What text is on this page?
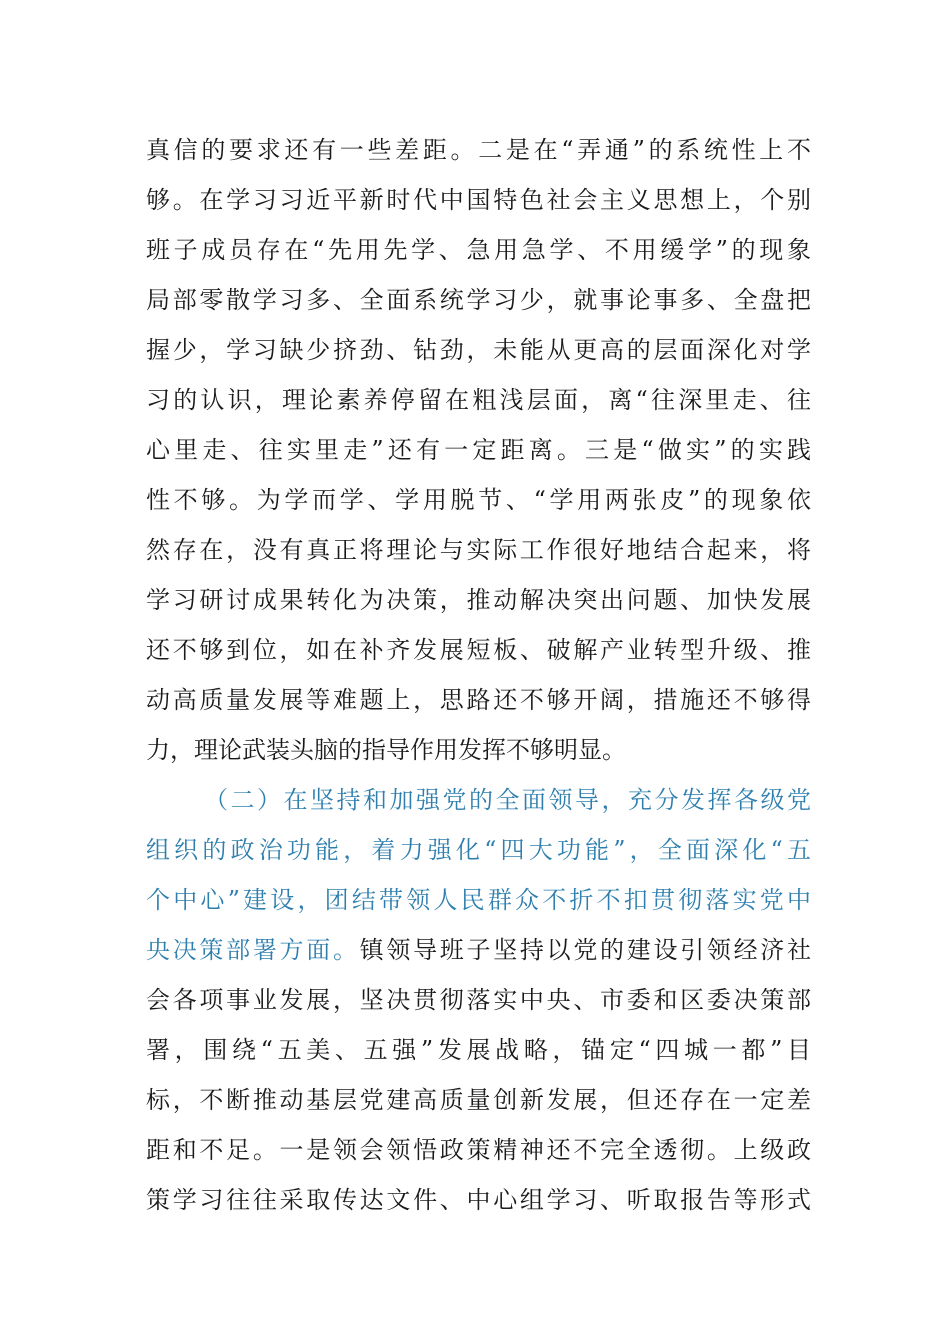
真信的要求还有一些差距。二是在“弄通”的系统性上不
够。在学习习近平新时代中国特色社会主义思想上，个别
班子成员存在“先用先学、急用急学、不用缓学”的现象
局部零散学习多、全面系统学习少，就事论事多、全盘把
握少，学习缺少挤劲、钻劲，未能从更高的层面深化对学
习的认识，理论素养停留在粗浅层面，离“往深里走、往
心里走、往实里走”还有一定距离。三是“做实”的实践
性不够。为学而学、学用脱节、“学用两张皮”的现象依
然存在，没有真正将理论与实际工作很好地结合起来，将
学习研讨成果转化为决策，推动解决突出问题、加快发展
还不够到位，如在补齐发展短板、破解产业转型升级、推
动高质量发展等难题上，思路还不够开阔，措施还不够得
力，理论武装头脑的指导作用发挥不够明显。
（二）在坚持和加强党的全面领导，充分发挥各级党
组织的政治功能，着力强化“四大功能”，全面深化“五
个中心”建设，团结带领人民群众不折不扣贯彻落实党中
央决策部署方面。镇领导班子坚持以党的建设引领经济社
会各项事业发展，坚决贯彻落实中央、市委和区委决策部
署，围绕“五美、五强”发展战略，锚定“四城一都”目
标，不断推动基层党建高质量创新发展，但还存在一定差
距和不足。一是领会领悟政策精神还不完全透彻。上级政
策学习往往采取传达文件、中心组学习、听取报告等形式
